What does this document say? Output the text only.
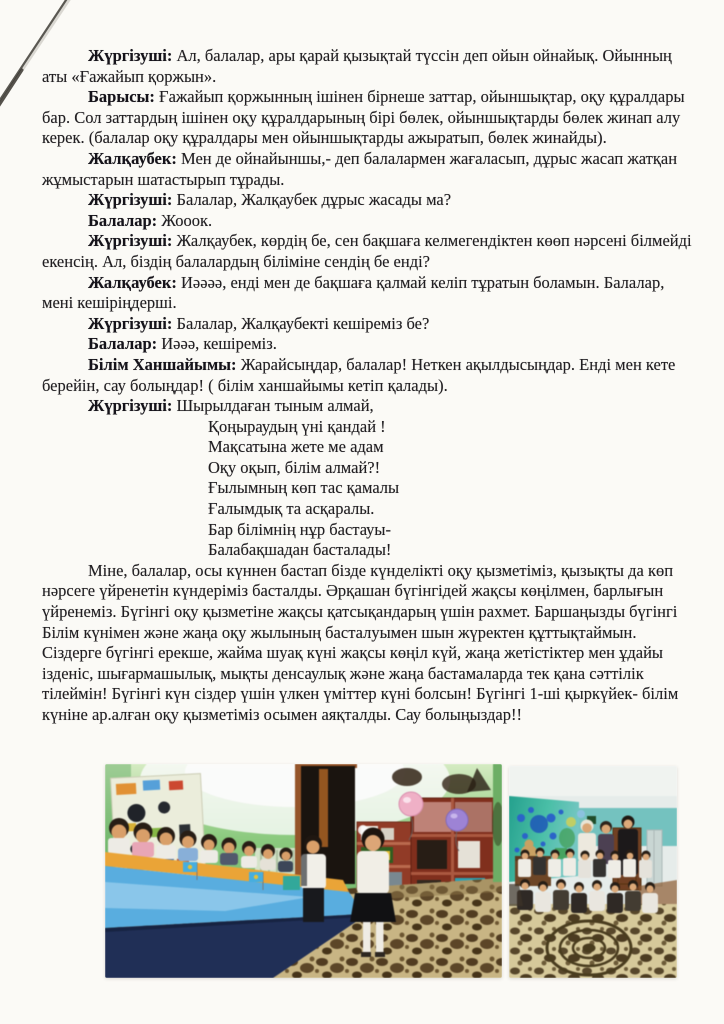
Жүргізуші: Ал, балалар, ары қарай қызықтай түссін деп ойын ойнайық. Ойынның аты «Ғажайып қоржын».

Барысы: Ғажайып қоржынның ішінен бірнеше заттар, ойыншықтар, оқу құралдары бар. Сол заттардың ішінен оқу құралдарының бірі бөлек, ойыншықтарды бөлек жинап алу керек. (балалар оқу құралдары мен ойыншықтарды ажыратып, бөлек жинайды).

Жалқаубек: Мен де ойнайыншы,- деп балалармен жағаласып, дұрыс жасап жатқан жұмыстарын шатастырып тұрады.

Жүргізуші: Балалар, Жалқаубек дұрыс жасады ма?

Балалар: Жооок.

Жүргізуші: Жалқаубек, көрдің бе, сен бақшаға келмегендіктен көөп нәрсені білмейді екенсің. Ал, біздің балалардың біліміне сендің бе енді?

Жалқаубек: Иәәәә, енді мен де бақшаға қалмай келіп тұратын боламын. Балалар, мені кешіріңдерші.

Жүргізуші: Балалар, Жалқаубекті кешіреміз бе?

Балалар: Иәәә, кешіреміз.

Білім Ханшайымы: Жарайсыңдар, балалар! Неткен ақылдысыңдар. Енді мен кете берейін, сау болыңдар! ( білім ханшайымы кетіп қалады).

Жүргізуші: Шырылдаған тыным алмай,

Қоңыраудың үні қандай !

Мақсатына жете ме адам

Оқу оқып, білім алмай?!

Ғылымның көп тас қамалы

Ғалымдық та асқаралы.

Бар білімнің нұр бастауы-

Балабақшадан басталады!

Міне, балалар, осы күннен бастап бізде күнделікті оқу қызметіміз, қызықты да көп нәрсеге үйренетін күндеріміз басталды. Әрқашан бүгінгідей жақсы көңілмен, барлығын үйренеміз. Бүгінгі оқу қызметіне жақсы қатсықандарың үшін рахмет. Баршаңызды бүгінгі Білім күнімен және жаңа оқу жылының басталуымен шын жүректен құттықтаймын. Сіздерге бүгінгі ерекше, жайма шуақ күні жақсы көңіл күй, жаңа жетістіктер мен ұдайы ізденіс, шығармашылық, мықты денсаулық және жаңа бастамаларда тек қана сәттілік тілеймін! Бүгінгі күн сіздер үшін үлкен үміттер күні болсын! Бүгінгі 1-ші қыркүйек- білім күніне ар.алған оқу қызметіміз осымен аяқталды. Сау болыңыздар!!
